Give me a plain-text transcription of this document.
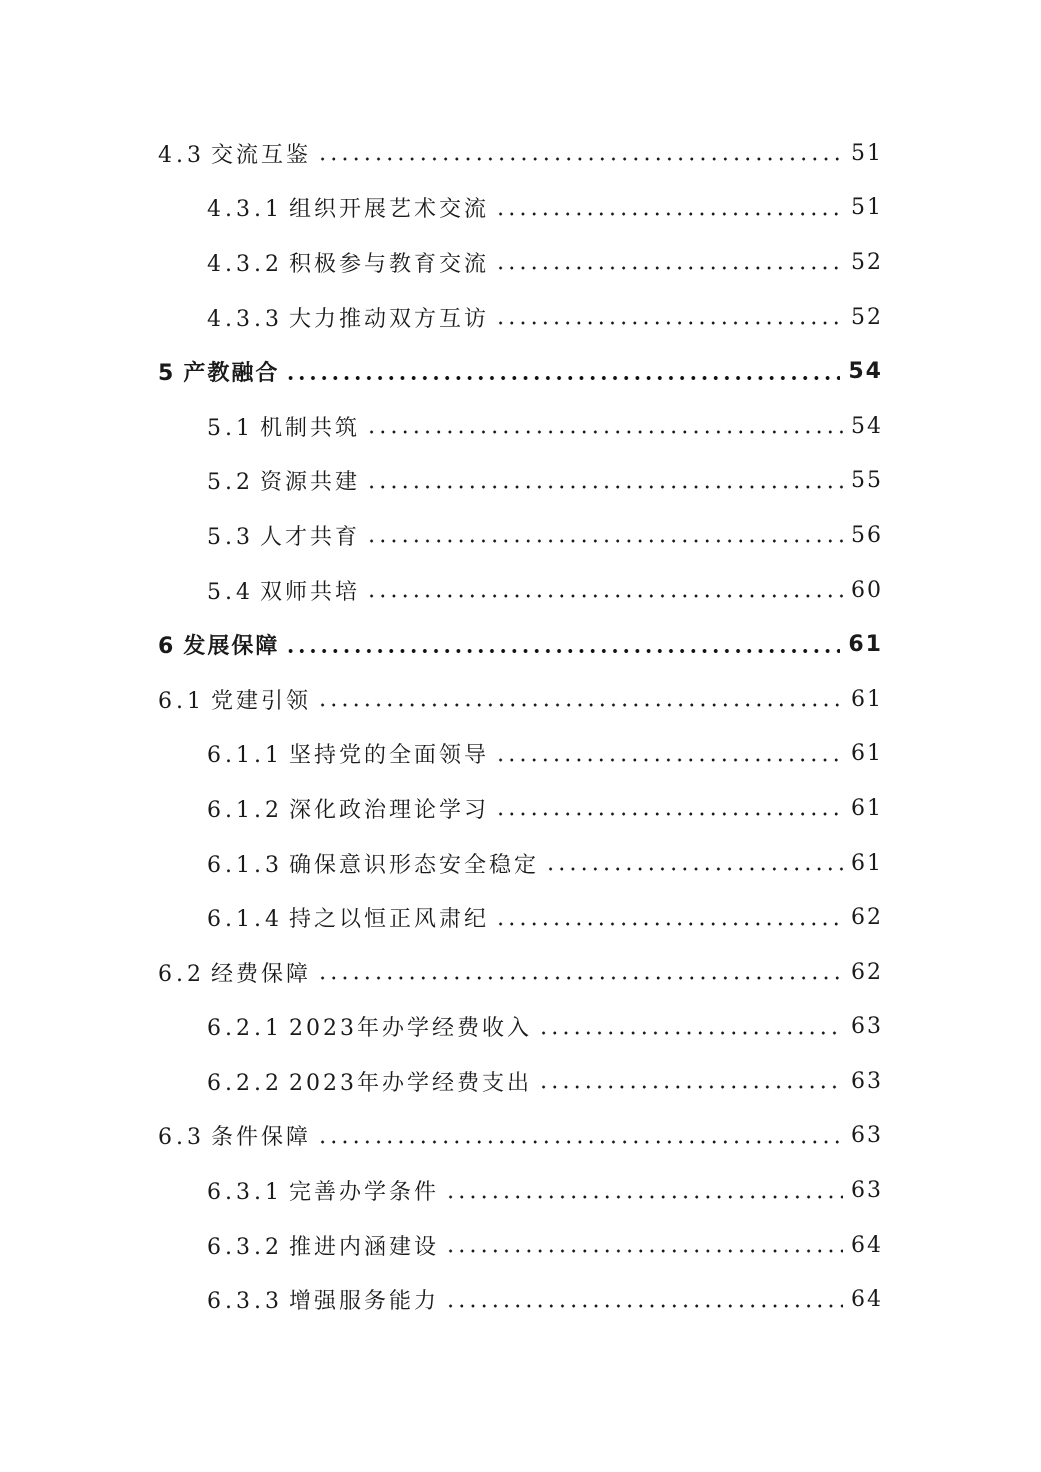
4.3 交流互鉴	51
4.3.1 组织开展艺术交流	51
4.3.2 积极参与教育交流	52
4.3.3 大力推动双方互访	52
5 产教融合	54
5.1 机制共筑	54
5.2 资源共建	55
5.3 人才共育	56
5.4 双师共培	60
6 发展保障	61
6.1 党建引领	61
6.1.1 坚持党的全面领导	61
6.1.2 深化政治理论学习	61
6.1.3 确保意识形态安全稳定	61
6.1.4 持之以恒正风肃纪	62
6.2 经费保障	62
6.2.1 2023年办学经费收入	63
6.2.2 2023年办学经费支出	63
6.3 条件保障	63
6.3.1 完善办学条件	63
6.3.2 推进内涵建设	64
6.3.3 增强服务能力	64
